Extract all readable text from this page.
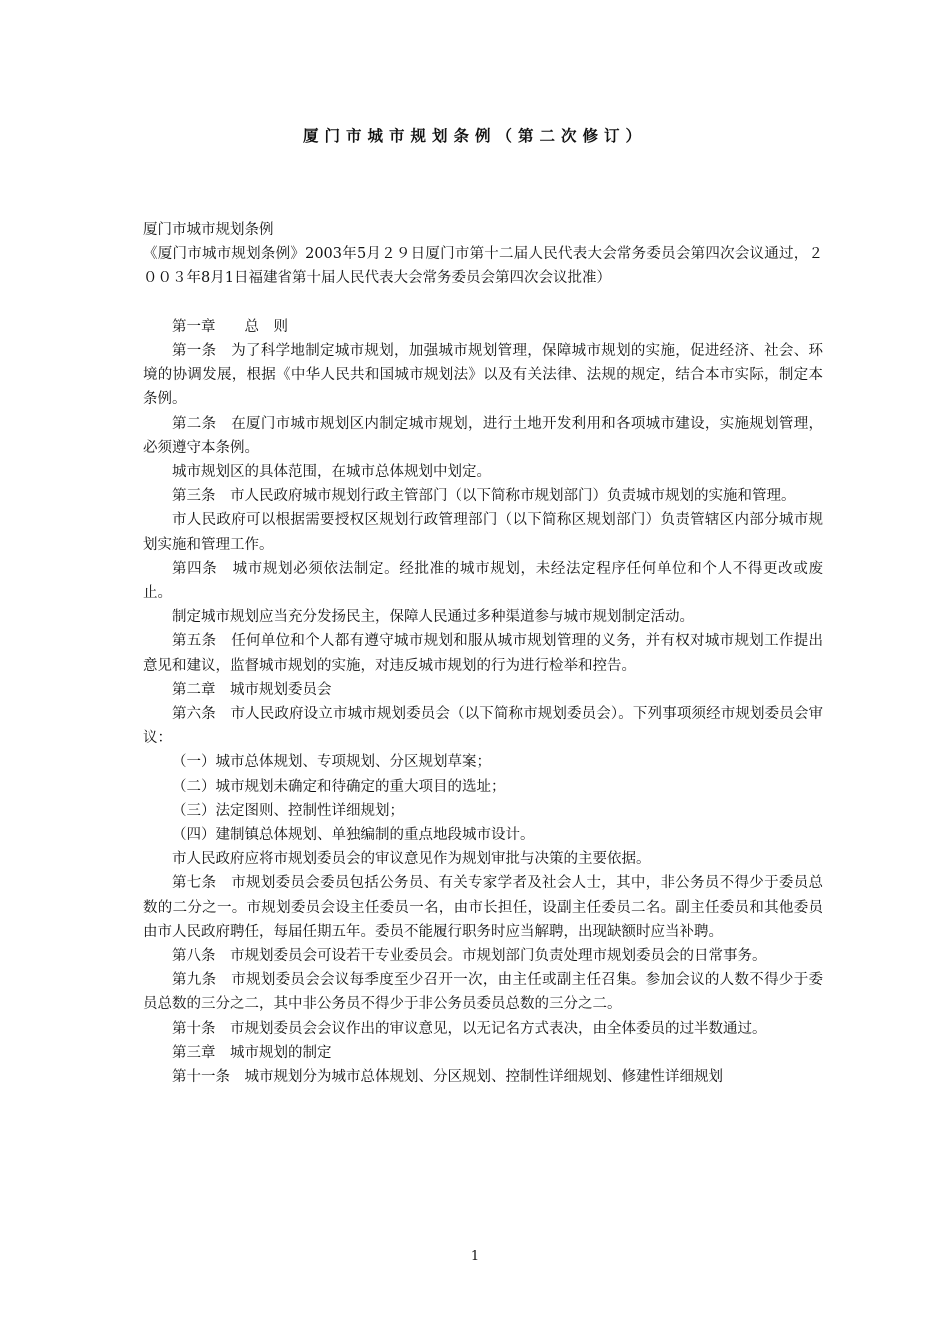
厦门市城市规划条例（第二次修订）

厦门市城市规划条例

《厦门市城市规划条例》2003年5月２９日厦门市第十二届人民代表大会常务委员会第四次会议通过，２００３年8月1日福建省第十届人民代表大会常务委员会第四次会议批准）

第一章　　总　则

第一条　为了科学地制定城市规划，加强城市规划管理，保障城市规划的实施，促进经济、社会、环境的协调发展，根据《中华人民共和国城市规划法》以及有关法律、法规的规定，结合本市实际，制定本条例。

第二条　在厦门市城市规划区内制定城市规划，进行土地开发利用和各项城市建设，实施规划管理，必须遵守本条例。

城市规划区的具体范围，在城市总体规划中划定。

第三条　市人民政府城市规划行政主管部门（以下简称市规划部门）负责城市规划的实施和管理。

市人民政府可以根据需要授权区规划行政管理部门（以下简称区规划部门）负责管辖区内部分城市规划实施和管理工作。

第四条　城市规划必须依法制定。经批准的城市规划，未经法定程序任何单位和个人不得更改或废止。

制定城市规划应当充分发扬民主，保障人民通过多种渠道参与城市规划制定活动。

第五条　任何单位和个人都有遵守城市规划和服从城市规划管理的义务，并有权对城市规划工作提出意见和建议，监督城市规划的实施，对违反城市规划的行为进行检举和控告。

第二章　城市规划委员会

第六条　市人民政府设立市城市规划委员会（以下简称市规划委员会）。下列事项须经市规划委员会审议：

（一）城市总体规划、专项规划、分区规划草案；

（二）城市规划未确定和待确定的重大项目的选址；

（三）法定图则、控制性详细规划；

（四）建制镇总体规划、单独编制的重点地段城市设计。

市人民政府应将市规划委员会的审议意见作为规划审批与决策的主要依据。

第七条　市规划委员会委员包括公务员、有关专家学者及社会人士，其中，非公务员不得少于委员总数的二分之一。市规划委员会设主任委员一名，由市长担任，设副主任委员二名。副主任委员和其他委员由市人民政府聘任，每届任期五年。委员不能履行职务时应当解聘，出现缺额时应当补聘。

第八条　市规划委员会可设若干专业委员会。市规划部门负责处理市规划委员会的日常事务。

第九条　市规划委员会会议每季度至少召开一次，由主任或副主任召集。参加会议的人数不得少于委员总数的三分之二，其中非公务员不得少于非公务员委员总数的三分之二。

第十条　市规划委员会会议作出的审议意见，以无记名方式表决，由全体委员的过半数通过。

第三章　城市规划的制定

第十一条　城市规划分为城市总体规划、分区规划、控制性详细规划、修建性详细规划

1
